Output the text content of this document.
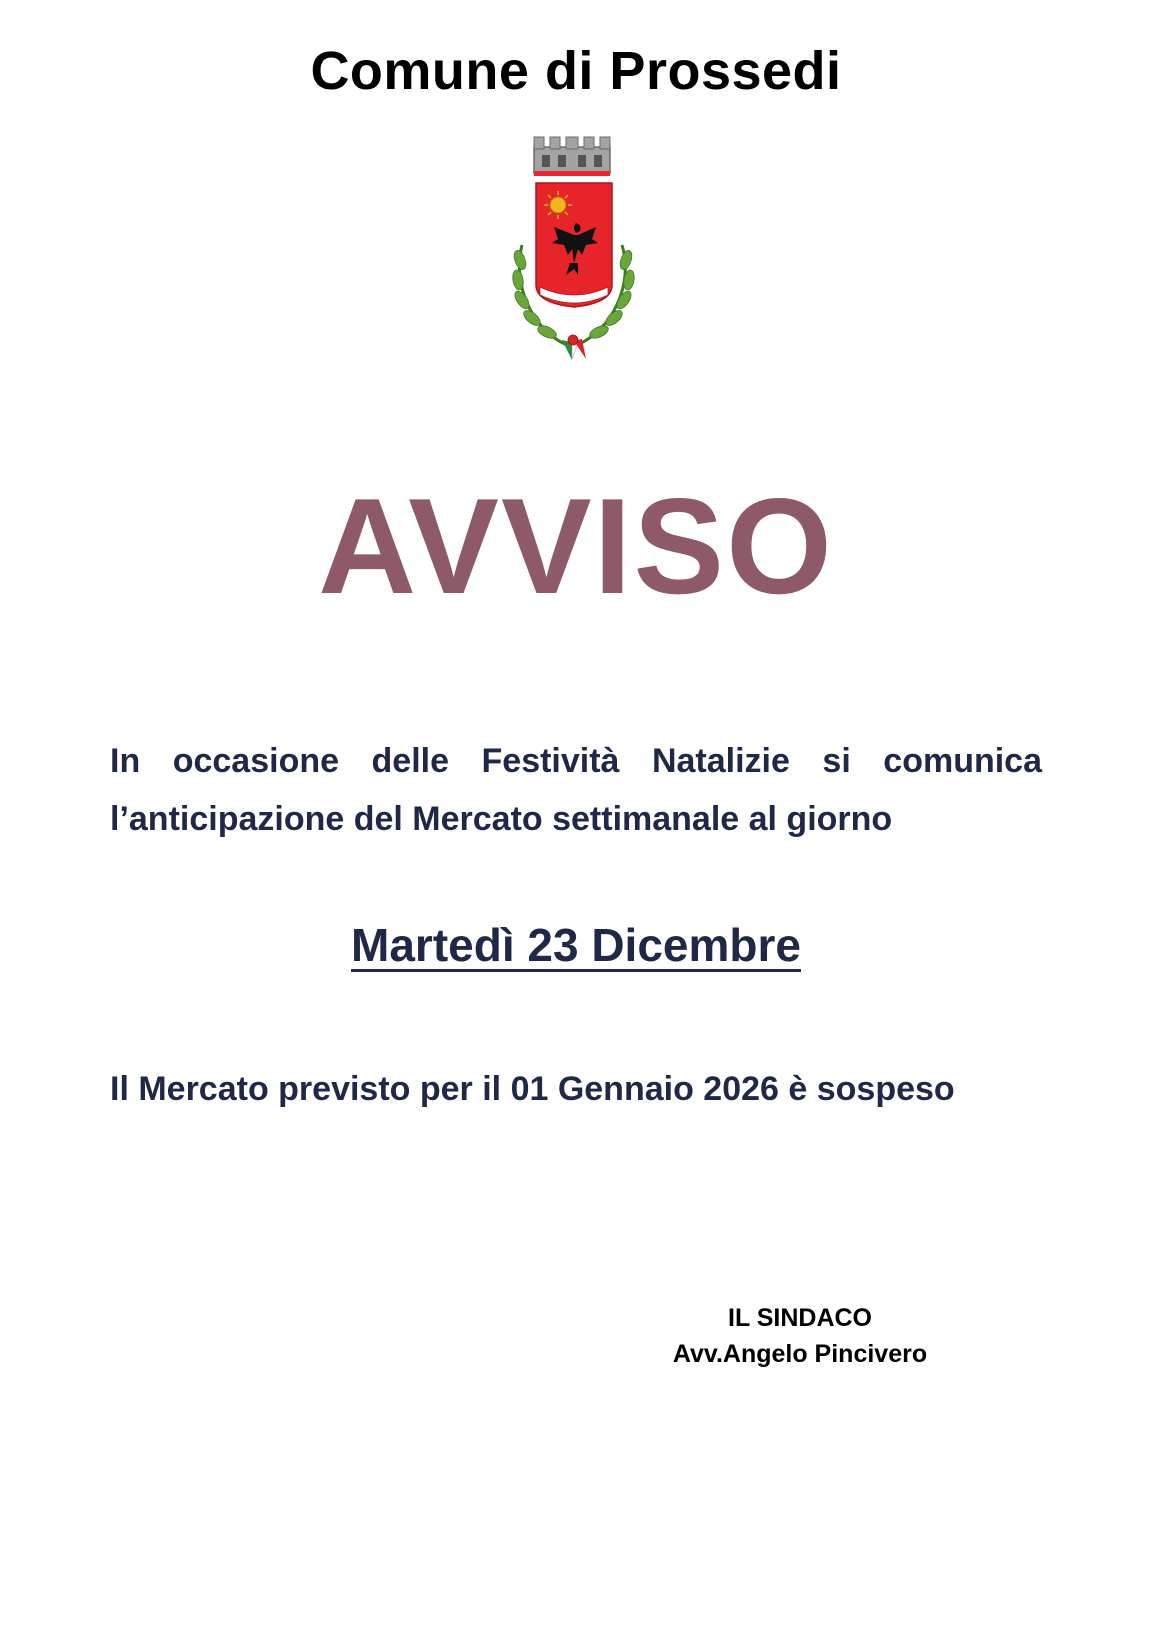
Comune di Prossedi
AVVISO
In occasione delle Festività Natalizie si comunica
l’anticipazione del Mercato settimanale al giorno
Martedì 23 Dicembre
Il Mercato previsto per il 01 Gennaio 2026 è sospeso
IL SINDACO
Avv.Angelo Pincivero
